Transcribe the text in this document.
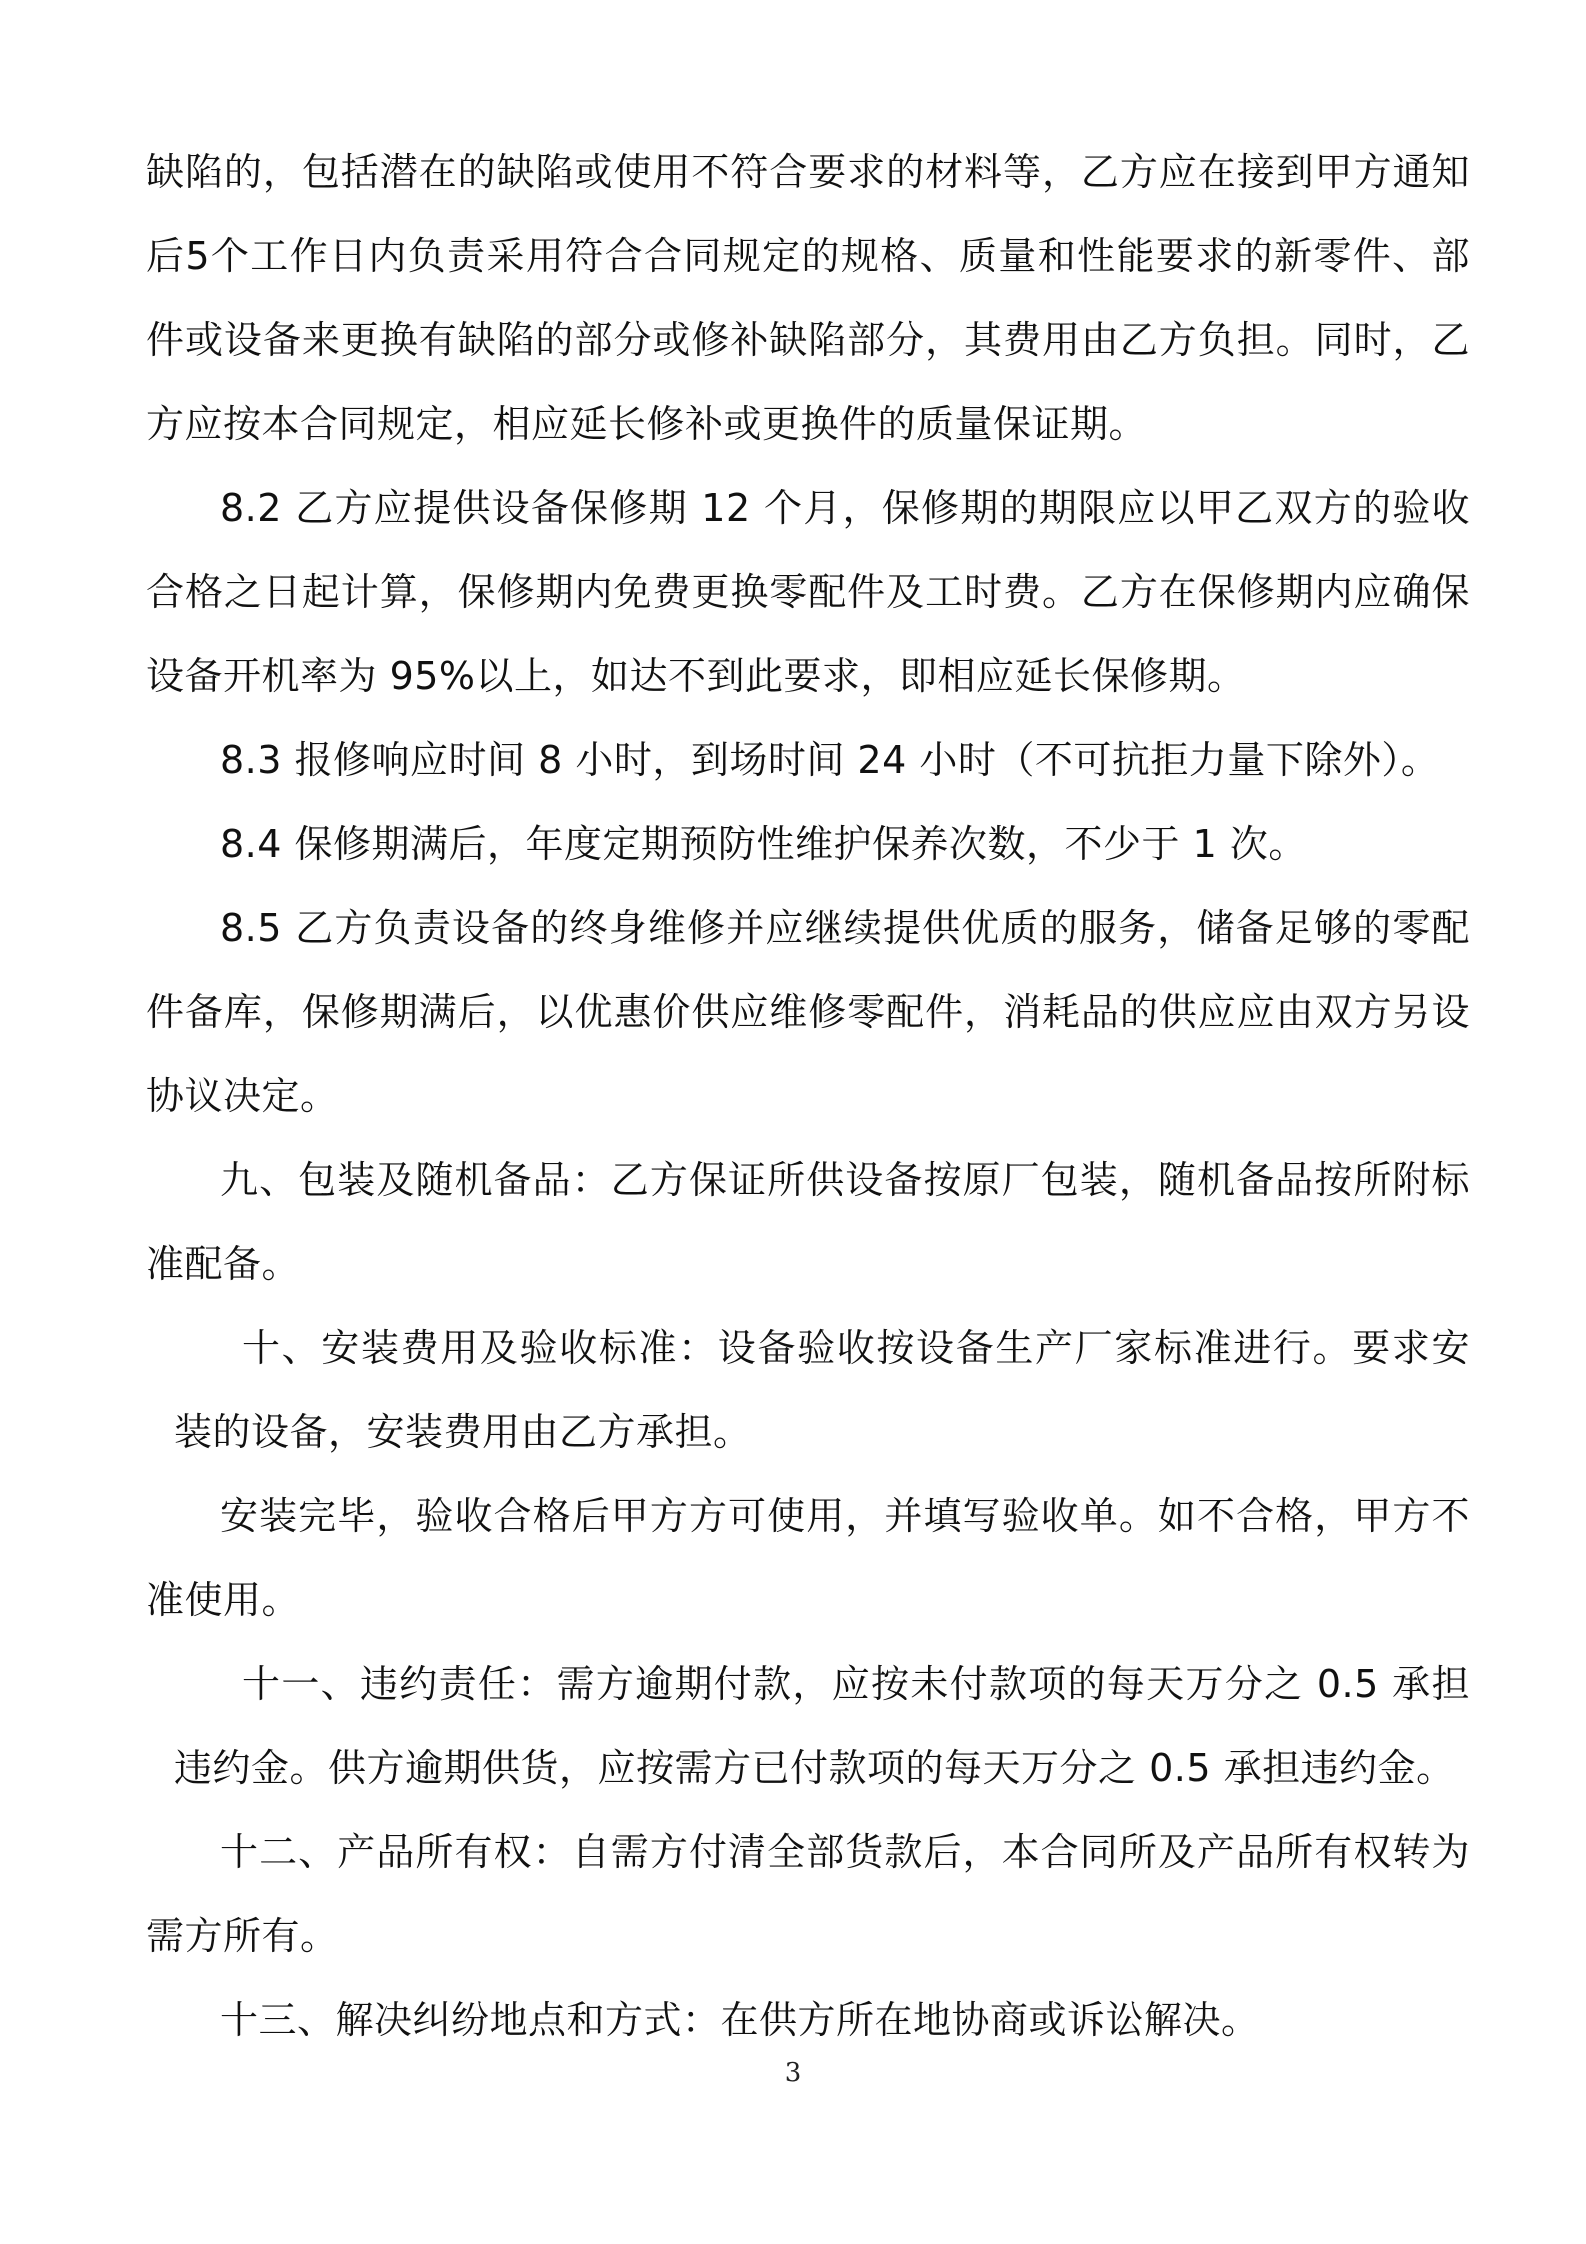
缺陷的，包括潜在的缺陷或使用不符合要求的材料等，乙方应在接到甲方通知后5个工作日内负责采用符合合同规定的规格、质量和性能要求的新零件、部件或设备来更换有缺陷的部分或修补缺陷部分，其费用由乙方负担。同时，乙方应按本合同规定，相应延长修补或更换件的质量保证期。

8.2 乙方应提供设备保修期 12 个月，保修期的期限应以甲乙双方的验收合格之日起计算，保修期内免费更换零配件及工时费。乙方在保修期内应确保设备开机率为 95%以上，如达不到此要求，即相应延长保修期。

8.3 报修响应时间 8 小时，到场时间 24 小时（不可抗拒力量下除外）。

8.4 保修期满后，年度定期预防性维护保养次数，不少于 1 次。

8.5 乙方负责设备的终身维修并应继续提供优质的服务，储备足够的零配件备库，保修期满后，以优惠价供应维修零配件，消耗品的供应应由双方另设协议决定。

九、包装及随机备品：乙方保证所供设备按原厂包装，随机备品按所附标准配备。

十、安装费用及验收标准：设备验收按设备生产厂家标准进行。要求安装的设备，安装费用由乙方承担。

安装完毕，验收合格后甲方方可使用，并填写验收单。如不合格，甲方不准使用。

十一、违约责任：需方逾期付款，应按未付款项的每天万分之 0.5 承担违约金。供方逾期供货，应按需方已付款项的每天万分之 0.5 承担违约金。

十二、产品所有权：自需方付清全部货款后，本合同所及产品所有权转为需方所有。

十三、解决纠纷地点和方式：在供方所在地协商或诉讼解决。

3
